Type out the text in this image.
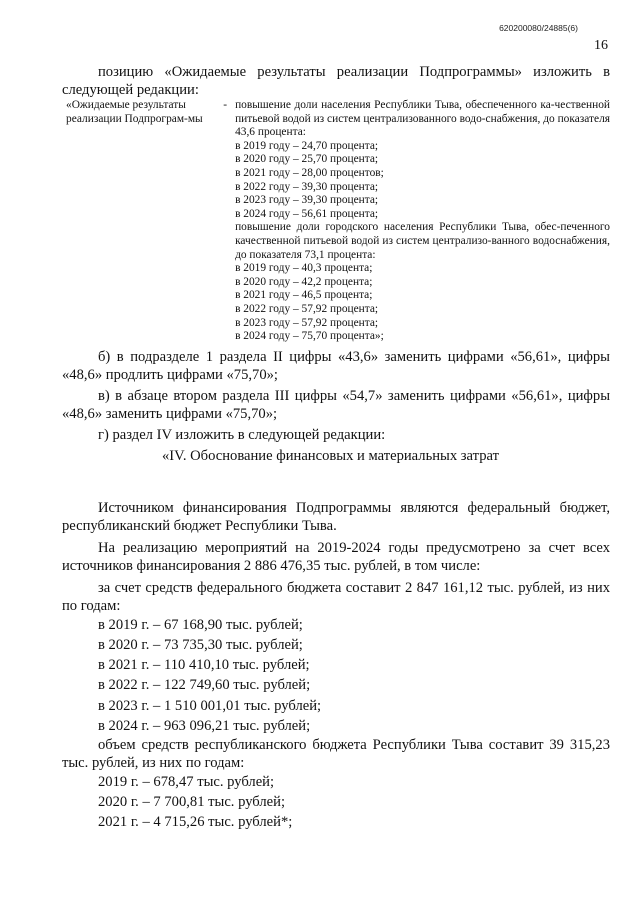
620200080/24885(6)
16
позицию «Ожидаемые результаты реализации Подпрограммы» изложить в
следующей редакции:
«Ожидаемые результаты реализации Подпрограм-мы
- повышение доли населения Республики Тыва, обеспеченного ка-чественной питьевой водой из систем централизованного водо-снабжения, до показателя 43,6 процента:
в 2019 году – 24,70 процента;
в 2020 году – 25,70 процента;
в 2021 году – 28,00 процентов;
в 2022 году – 39,30 процента;
в 2023 году – 39,30 процента;
в 2024 году – 56,61 процента;
повышение доли городского населения Республики Тыва, обес-печенного качественной питьевой водой из систем централизо-ванного водоснабжения, до показателя 73,1 процента:
в 2019 году – 40,3 процента;
в 2020 году – 42,2 процента;
в 2021 году – 46,5 процента;
в 2022 году – 57,92 процента;
в 2023 году – 57,92 процента;
в 2024 году – 75,70 процента»;
б) в подразделе 1 раздела II цифры «43,6» заменить цифрами «56,61», цифры «48,6» продлить цифрами «75,70»;
в) в абзаце втором раздела III цифры «54,7» заменить цифрами «56,61», цифры «48,6» заменить цифрами «75,70»;
г) раздел IV изложить в следующей редакции:
«IV. Обоснование финансовых и материальных затрат
Источником финансирования Подпрограммы являются федеральный бюджет, республиканский бюджет Республики Тыва.
На реализацию мероприятий на 2019-2024 годы предусмотрено за счет всех источников финансирования 2 886 476,35 тыс. рублей, в том числе:
за счет средств федерального бюджета составит 2 847 161,12 тыс. рублей, из них по годам:
в 2019 г. – 67 168,90 тыс. рублей;
в 2020 г. – 73 735,30 тыс. рублей;
в 2021 г. – 110 410,10 тыс. рублей;
в 2022 г. – 122 749,60 тыс. рублей;
в 2023 г. – 1 510 001,01 тыс. рублей;
в 2024 г. – 963 096,21 тыс. рублей;
объем средств республиканского бюджета Республики Тыва составит 39 315,23 тыс. рублей, из них по годам:
2019 г. – 678,47 тыс. рублей;
2020 г. – 7 700,81 тыс. рублей;
2021 г. – 4 715,26 тыс. рублей*;
